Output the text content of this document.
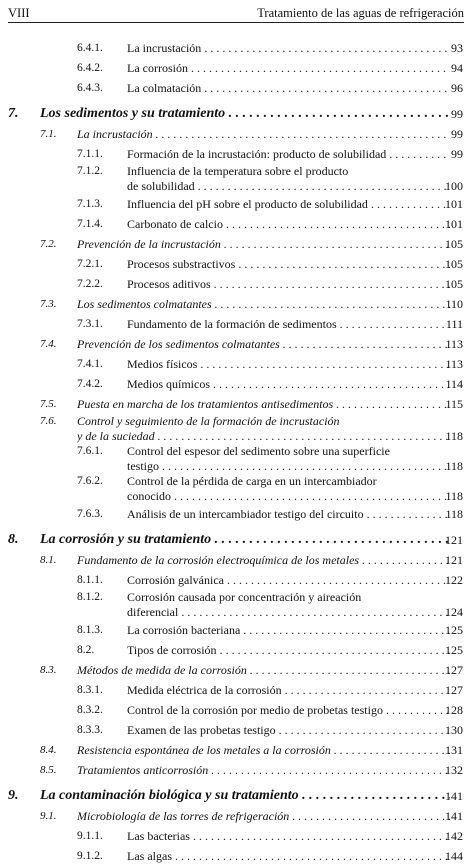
VIII	Tratamiento de las aguas de refrigeración
6.4.1. La incrustación . . .	93
6.4.2. La corrosión . . .	94
6.4.3. La colmatación . . .	96
7. Los sedimentos y su tratamiento . . .	99
7.1. La incrustación . . .	99
7.1.1. Formación de la incrustación: producto de solubilidad . . .	99
7.1.2. Influencia de la temperatura sobre el producto
de solubilidad . . .	100
7.1.3. Influencia del pH sobre el producto de solubilidad . . .	101
7.1.4. Carbonato de calcio . . .	101
7.2. Prevención de la incrustación . . .	105
7.2.1. Procesos substractivos . . .	105
7.2.2. Procesos aditivos . . .	105
7.3. Los sedimentos colmatantes . . .	110
7.3.1. Fundamento de la formación de sedimentos . . .	111
7.4. Prevención de los sedimentos colmatantes . . .	113
7.4.1. Medios físicos . . .	113
7.4.2. Medios químicos . . .	114
7.5. Puesta en marcha de los tratamientos antisedimentos . . .	115
7.6. Control y seguimiento de la formación de incrustación
y de la suciedad . . .	118
7.6.1. Control del espesor del sedimento sobre una superficie
testigo . . .	118
7.6.2. Control de la pérdida de carga en un intercambiador
conocido . . .	118
7.6.3. Análisis de un intercambiador testigo del circuito . . .	118
8. La corrosión y su tratamiento . . .	121
8.1. Fundamento de la corrosión electroquímica de los metales . . .	121
8.1.1. Corrosión galvánica . . .	122
8.1.2. Corrosión causada por concentración y aireación
diferencial . . .	124
8.1.3. La corrosión bacteriana . . .	125
8.2.	Tipos de corrosión . . .	125
8.3. Métodos de medida de la corrosión . . .	127
8.3.1. Medida eléctrica de la corrosión . . .	127
8.3.2. Control de la corrosión por medio de probetas testigo . . .	128
8.3.3. Examen de las probetas testigo . . .	130
8.4. Resistencia espontánea de los metales a la corrosión . . .	131
8.5. Tratamientos anticorrosión . . .	132
9. La contaminación biológica y su tratamiento . . .	141
9.1. Microbiología de las torres de refrigeración . . .	141
9.1.1. Las bacterias . . .	142
9.1.2. Las algas . . .	144
